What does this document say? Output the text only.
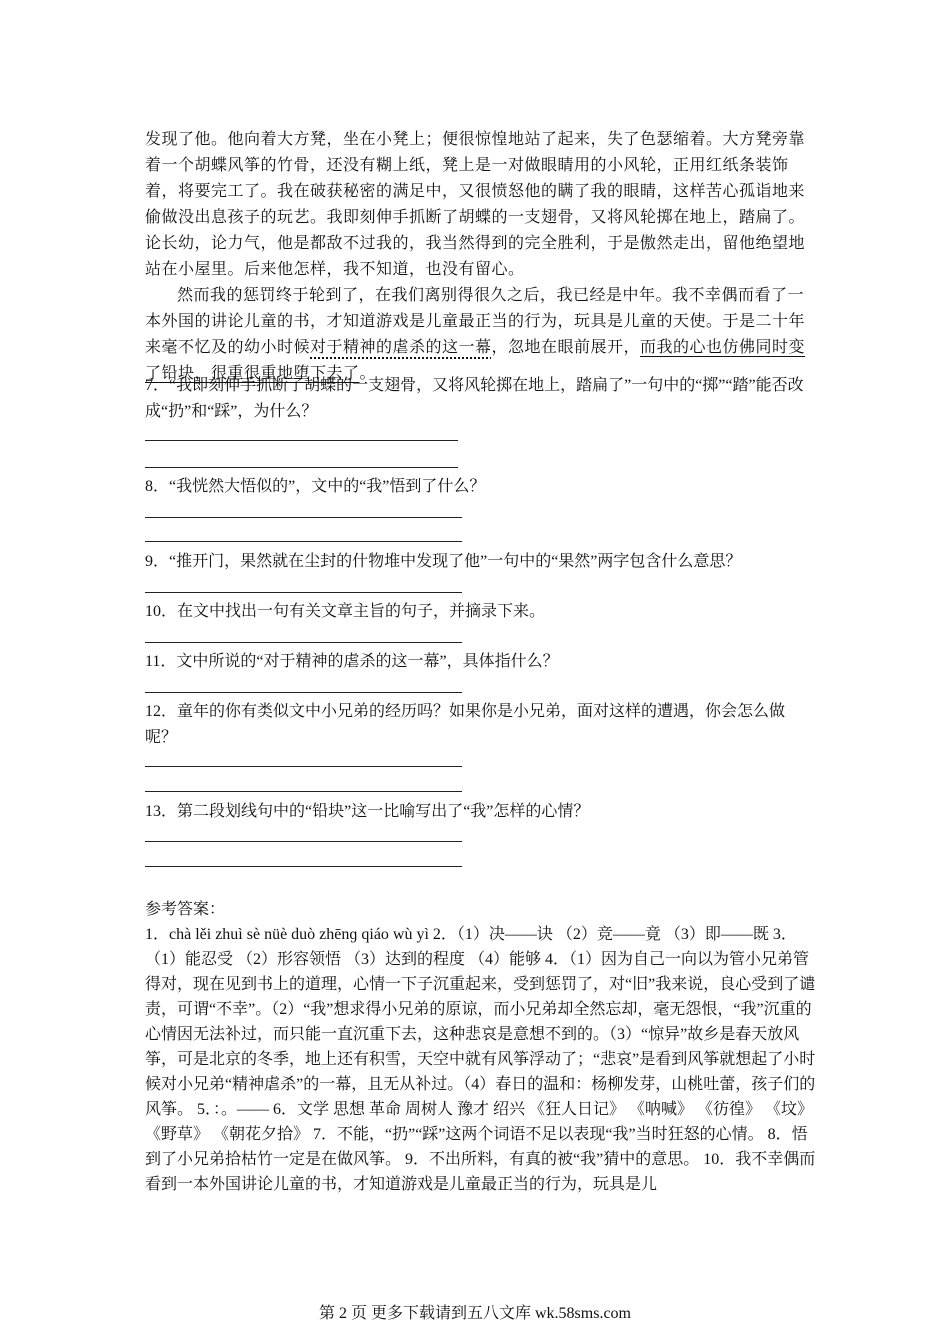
发现了他。他向着大方凳，坐在小凳上；便很惊惶地站了起来，失了色瑟缩着。大方凳旁靠着一个胡蝶风筝的竹骨，还没有糊上纸，凳上是一对做眼睛用的小风轮，正用红纸条装饰着，将要完工了。我在破获秘密的满足中，又很愤怒他的瞒了我的眼睛，这样苦心孤诣地来偷做没出息孩子的玩艺。我即刻伸手抓断了胡蝶的一支翅骨，又将风轮掷在地上，踏扁了。论长幼，论力气，他是都敌不过我的，我当然得到的完全胜利，于是傲然走出，留他绝望地站在小屋里。后来他怎样，我不知道，也没有留心。

然而我的惩罚终于轮到了，在我们离别得很久之后，我已经是中年。我不幸偶而看了一本外国的讲论儿童的书，才知道游戏是儿童最正当的行为，玩具是儿童的天使。于是二十年来毫不忆及的幼小时候对于精神的虐杀的这一幕，忽地在眼前展开，而我的心也仿佛同时变了铅块，很重很重地堕下去了。

7．“我即刻伸手抓断了胡蝶的一支翅骨，又将风轮掷在地上，踏扁了”一句中的“掷”“踏”能否改成“扔”和“踩”，为什么？
8．“我恍然大悟似的”，文中的“我”悟到了什么？
9．“推开门，果然就在尘封的什物堆中发现了他”一句中的“果然”两字包含什么意思？
10．在文中找出一句有关文章主旨的句子，并摘录下来。
11．文中所说的“对于精神的虐杀的这一幕”，具体指什么？
12．童年的你有类似文中小兄弟的经历吗？如果你是小兄弟，面对这样的遭遇，你会怎么做呢？
13．第二段划线句中的“铅块”这一比喻写出了“我”怎样的心情？

参考答案：

1．chà lěi zhuì sè nüè duò zhēnɡ qiáo wù yì 2．（1）决——诀 （2）竞——竟 （3）即——既 3．（1）能忍受 （2）形容领悟 （3）达到的程度 （4）能够 4．（1）因为自己一向以为管小兄弟管得对，现在见到书上的道理，心情一下子沉重起来，受到惩罚了，对“旧”我来说，良心受到了谴责，可谓“不幸”。（2）“我”想求得小兄弟的原谅，而小兄弟却全然忘却，毫无怨恨，“我”沉重的心情因无法补过，而只能一直沉重下去，这种悲哀是意想不到的。（3）“惊异”故乡是春天放风筝，可是北京的冬季，地上还有积雪，天空中就有风筝浮动了；“悲哀”是看到风筝就想起了小时候对小兄弟“精神虐杀”的一幕，且无从补过。（4）春日的温和：杨柳发芽，山桃吐蕾，孩子们的风筝。 5．：。—— 6．文学 思想 革命 周树人 豫才 绍兴 《狂人日记》 《呐喊》 《彷徨》 《坟》 《野草》 《朝花夕拾》 7．不能，“扔”“踩”这两个词语不足以表现“我”当时狂怒的心情。 8．悟到了小兄弟拾枯竹一定是在做风筝。 9．不出所料，有真的被“我”猜中的意思。 10．我不幸偶而看到一本外国讲论儿童的书，才知道游戏是儿童最正当的行为，玩具是儿

第 2 页 更多下载请到五八文库 wk.58sms.com
